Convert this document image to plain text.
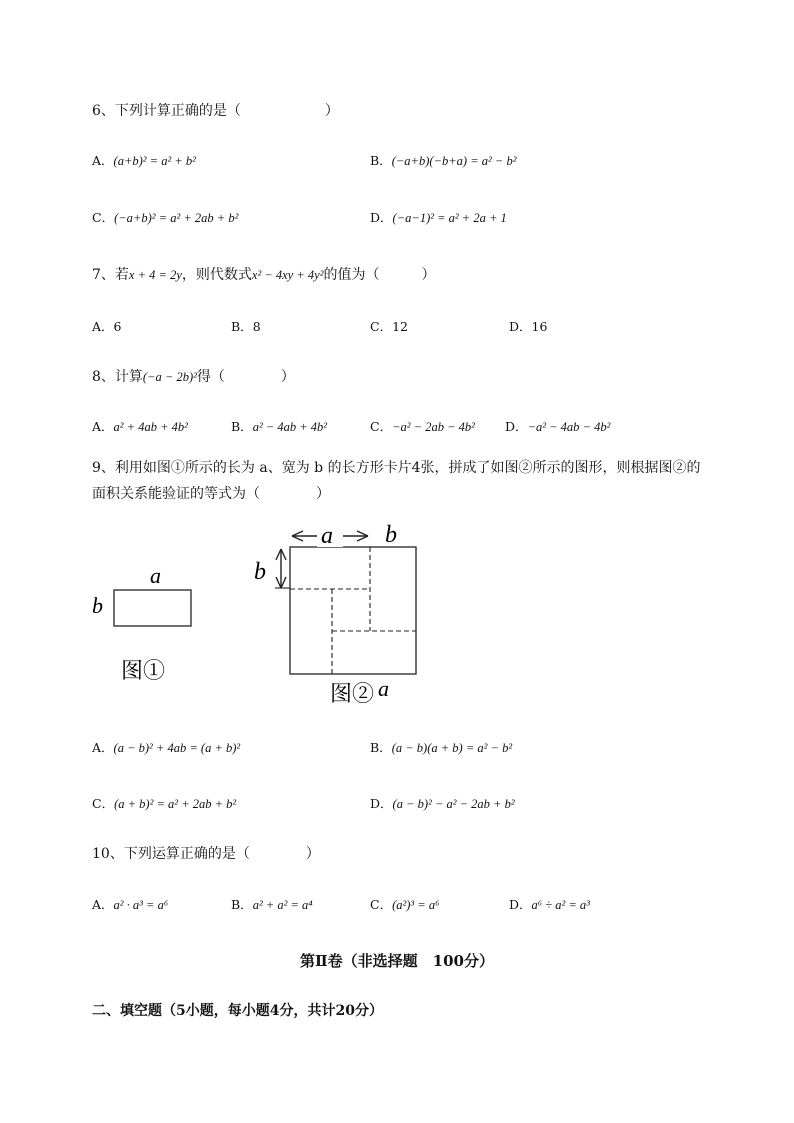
6、下列计算正确的是（　　　　　　）
A．(a+b)² = a² + b²	B．(−a+b)(−b+a) = a² − b²
C．(−a+b)² = a² + 2ab + b²	D．(−a−1)² = a² + 2a + 1
7、若x + 4 = 2y，则代数式x² − 4xy + 4y²的值为（　　　）
A．6	B．8	C．12	D．16
8、计算(−a − 2b)²得（　　　　）
A．a² + 4ab + 4b²	B．a² − 4ab + 4b²	C．−a² − 2ab − 4b² D．−a² − 4ab − 4b²
9、利用如图①所示的长为 a、宽为 b 的长方形卡片4张，拼成了如图②所示的图形，则根据图②的
面积关系能验证的等式为（　　　　）
a
b
图①
a b
b
图② a
A．(a − b)² + 4ab = (a + b)²	B．(a − b)(a + b) = a² − b²
C．(a + b)² = a² + 2ab + b²	D．(a − b)² − a² − 2ab + b²
10、下列运算正确的是（　　　　）
A．a² · a³ = a⁶	B．a² + a² = a⁴	C．(a²)³ = a⁶	D．a⁶ ÷ a² = a³
第Ⅱ卷（非选择题　100分）
二、填空题（5小题，每小题4分，共计20分）
